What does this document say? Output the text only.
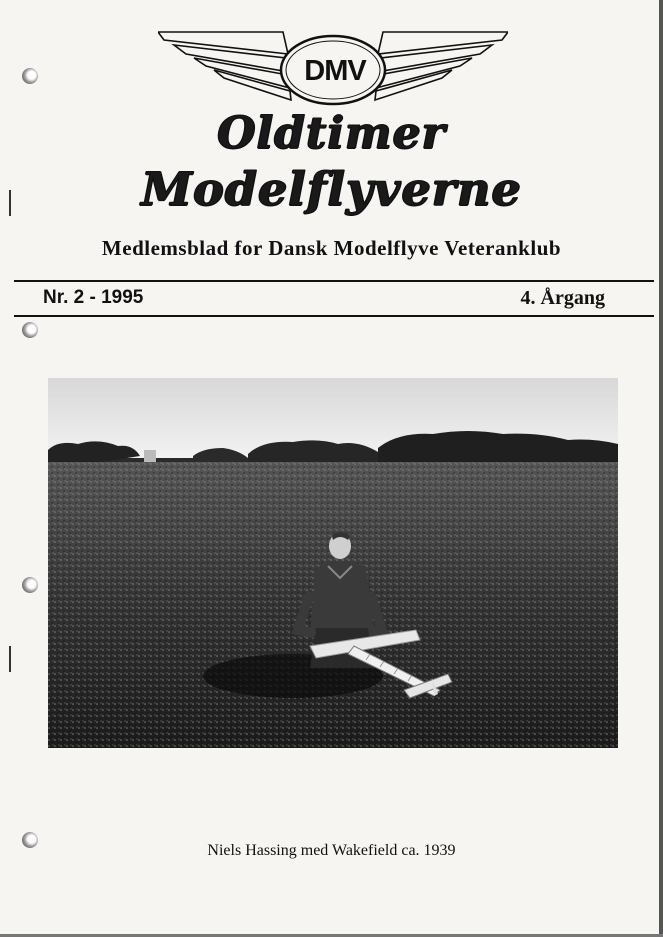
DMV
Oldtimer
Modelflyverne
Medlemsblad for Dansk Modelflyve Veteranklub
Nr. 2 - 1995	4. Årgang
Niels Hassing med Wakefield ca. 1939
